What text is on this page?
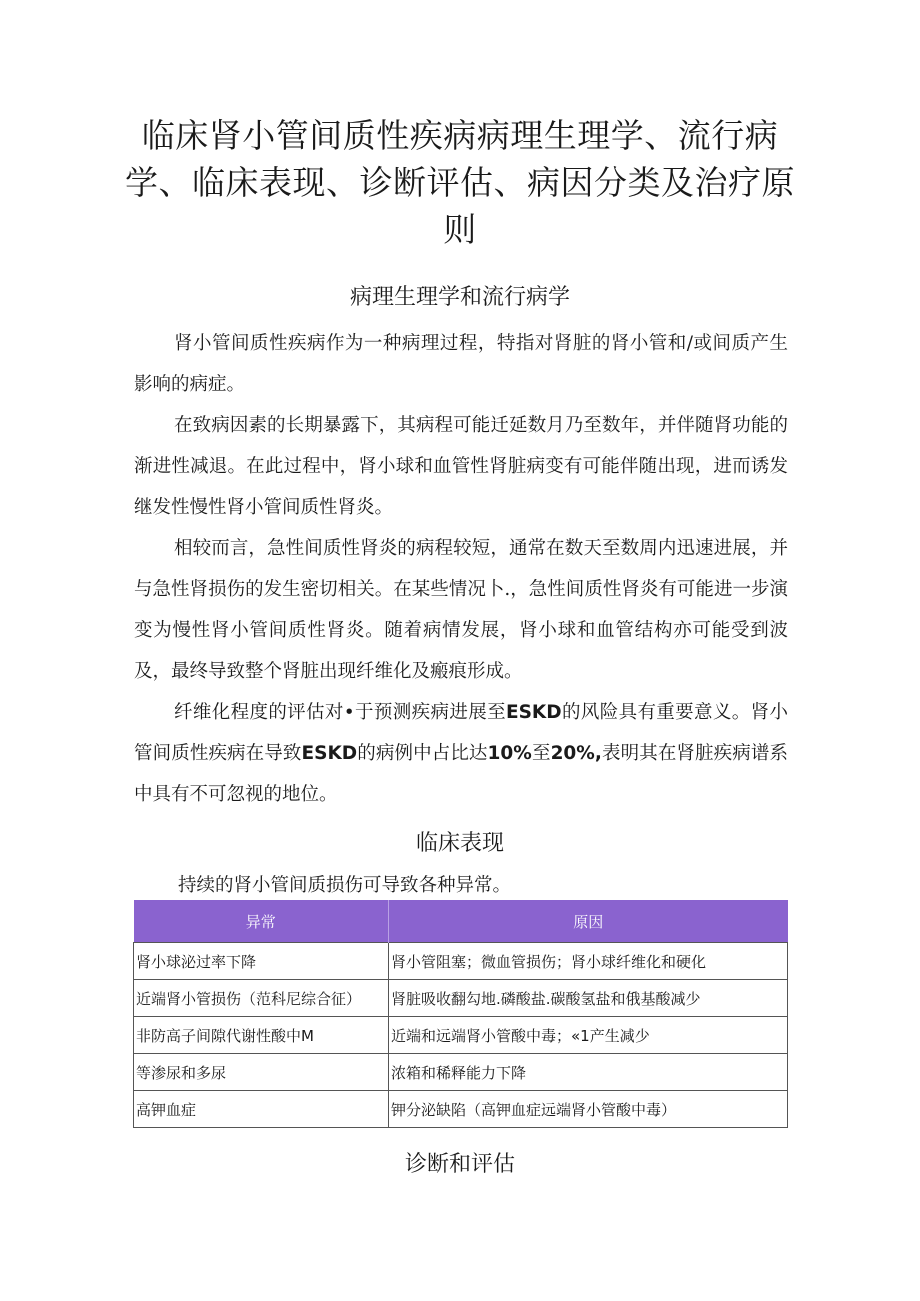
临床肾小管间质性疾病病理生理学、流行病学、临床表现、诊断评估、病因分类及治疗原则
病理生理学和流行病学

肾小管间质性疾病作为一种病理过程，特指对肾脏的肾小管和/或间质产生影响的病症。

在致病因素的长期暴露下，其病程可能迁延数月乃至数年，并伴随肾功能的渐进性减退。在此过程中，肾小球和血管性肾脏病变有可能伴随出现，进而诱发继发性慢性肾小管间质性肾炎。

相较而言，急性间质性肾炎的病程较短，通常在数天至数周内迅速进展，并与急性肾损伤的发生密切相关。在某些情况卜.，急性间质性肾炎有可能进一步演变为慢性肾小管间质性肾炎。随着病情发展，肾小球和血管结构亦可能受到波及，最终导致整个肾脏出现纤维化及瘢痕形成。

纤维化程度的评估对•于预测疾病进展至ESKD的风险具有重要意义。肾小管间质性疾病在导致ESKD的病例中占比达10%至20%,表明其在肾脏疾病谱系中具有不可忽视的地位。

临床表现

持续的肾小管间质损伤可导致各种异常。

异常	原因
肾小球泌过率下降	肾小管阻塞；微血管损伤；肾小球纤维化和硬化
近端肾小管损伤（范科尼综合征）	肾脏吸收翻勾地.磷酸盐.碳酸氢盐和俄基酸减少
非防高子间隙代谢性酸中M	近端和远端肾小管酸中毒；«1产生减少
等渗尿和多尿	浓箱和稀释能力下降
高钾血症	钾分泌缺陷（高钾血症远端肾小管酸中毒）
诊断和评估
